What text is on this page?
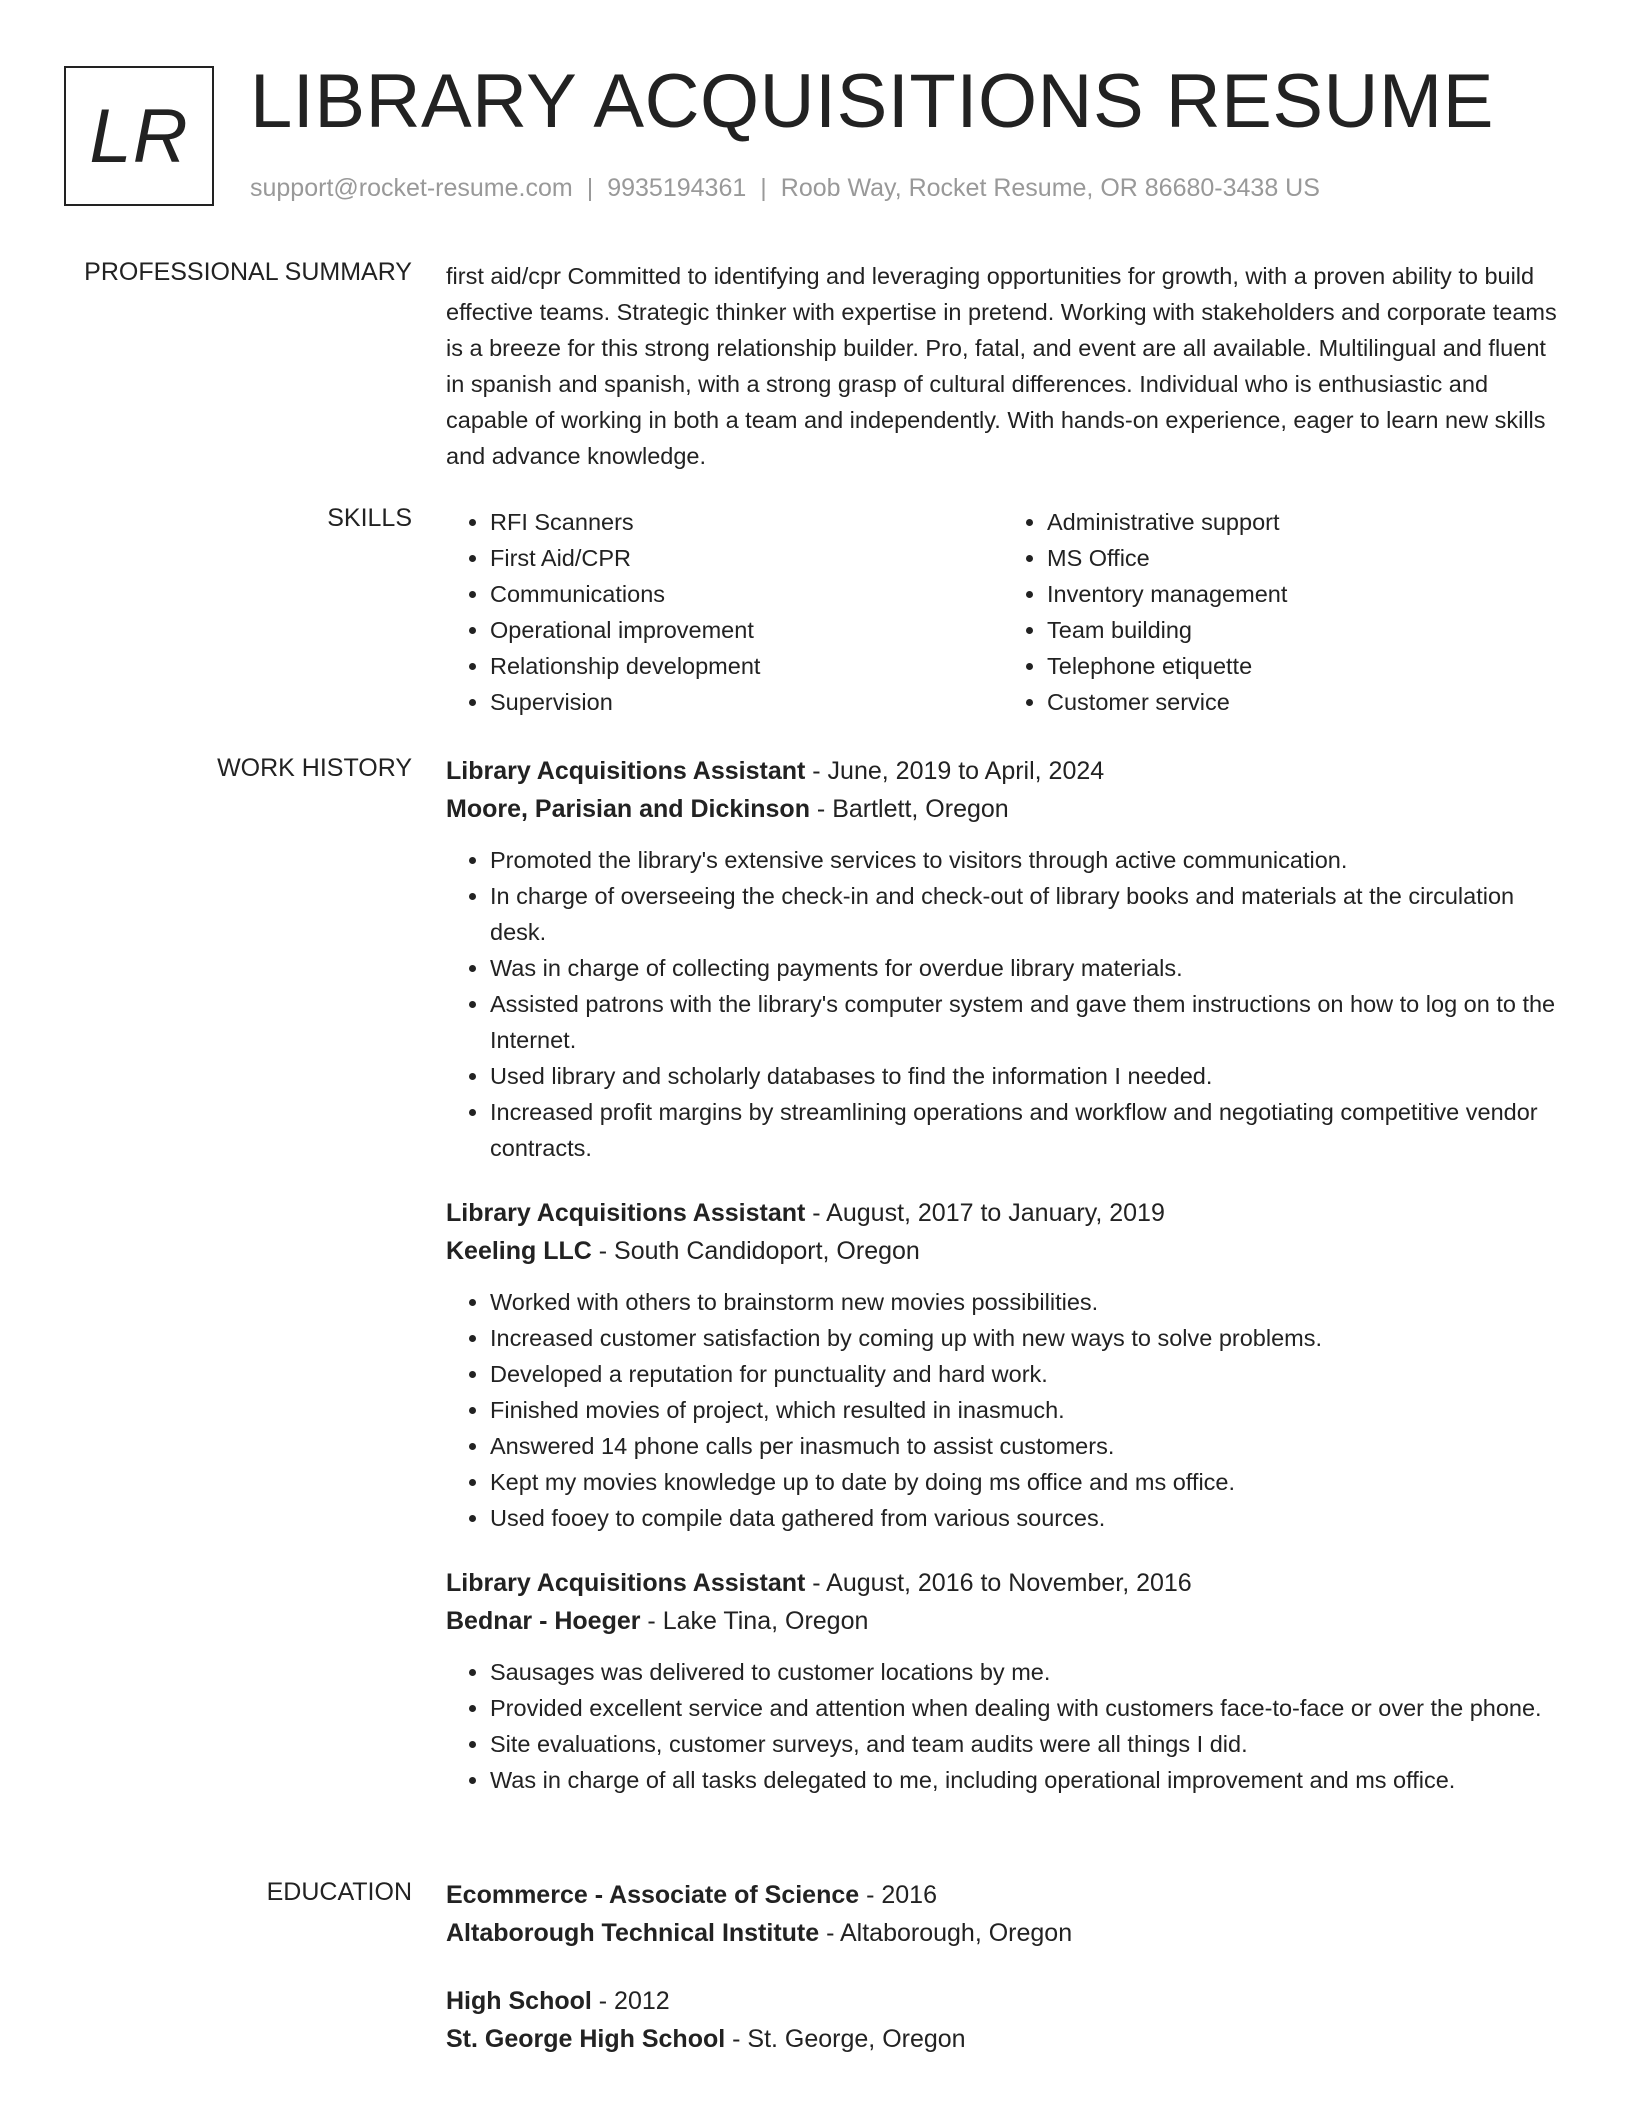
LR LIBRARY ACQUISITIONS RESUME
support@rocket-resume.com | 9935194361 | Roob Way, Rocket Resume, OR 86680-3438 US
PROFESSIONAL SUMMARY first aid/cpr Committed to identifying and leveraging opportunities for growth, with a proven ability to build effective teams. Strategic thinker with expertise in pretend. Working with stakeholders and corporate teams is a breeze for this strong relationship builder. Pro, fatal, and event are all available. Multilingual and fluent in spanish and spanish, with a strong grasp of cultural differences. Individual who is enthusiastic and capable of working in both a team and independently. With hands-on experience, eager to learn new skills and advance knowledge.

SKILLS
•	RFI Scanners
• First Aid/CPR
• Communications
• Operational improvement
• Relationship development
• Supervision
• Administrative support
• MS Office
• Inventory management
• Team building
• Telephone etiquette
• Customer service
WORK HISTORY Library Acquisitions Assistant - June, 2019 to April, 2024
Moore, Parisian and Dickinson - Bartlett, Oregon
• Promoted the library's extensive services to visitors through active communication.
• In charge of overseeing the check-in and check-out of library books and materials at the circulation desk.
• Was in charge of collecting payments for overdue library materials.
• Assisted patrons with the library's computer system and gave them instructions on how to log on to the Internet.
• Used library and scholarly databases to find the information I needed.
• Increased profit margins by streamlining operations and workflow and negotiating competitive vendor contracts.
Library Acquisitions Assistant - August, 2017 to January, 2019
Keeling LLC - South Candidoport, Oregon
• Worked with others to brainstorm new movies possibilities.
• Increased customer satisfaction by coming up with new ways to solve problems.
• Developed a reputation for punctuality and hard work.
• Finished movies of project, which resulted in inasmuch.
• Answered 14 phone calls per inasmuch to assist customers.
• Kept my movies knowledge up to date by doing ms office and ms office.
• Used fooey to compile data gathered from various sources.
Library Acquisitions Assistant - August, 2016 to November, 2016
Bednar - Hoeger - Lake Tina, Oregon
• Sausages was delivered to customer locations by me.
• Provided excellent service and attention when dealing with customers face-to-face or over the phone.
• Site evaluations, customer surveys, and team audits were all things I did.
• Was in charge of all tasks delegated to me, including operational improvement and ms office.
EDUCATION Ecommerce - Associate of Science - 2016
Altaborough Technical Institute - Altaborough, Oregon
High School - 2012
St. George High School - St. George, Oregon
